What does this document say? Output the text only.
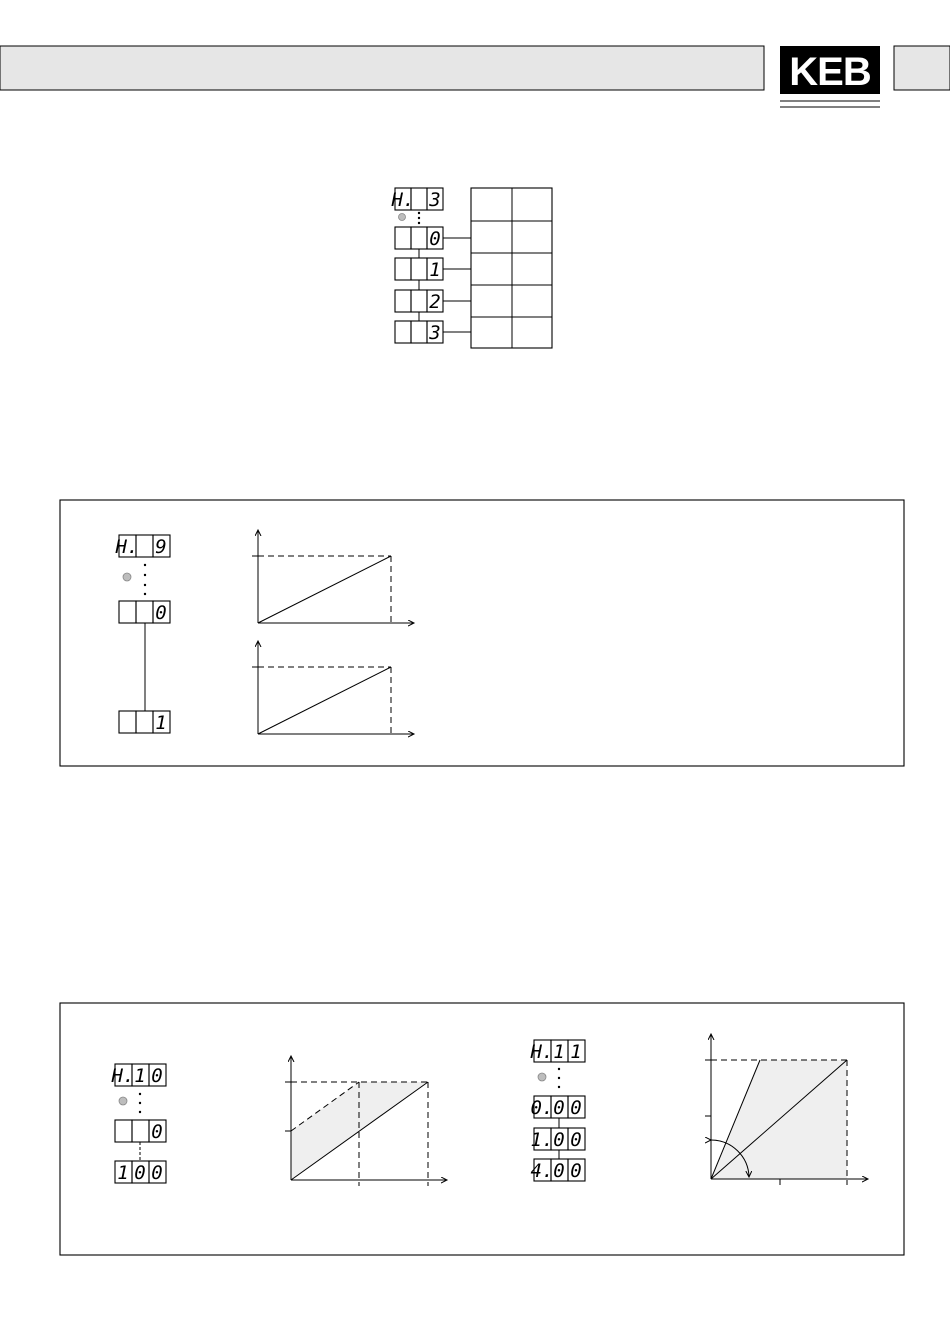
KEB
H. 3
0
1
2
3
H. 9
0
1
H. 1 0
0
1 0 0
H. 1 1
0. 0 0
1. 0 0
4. 0 0
